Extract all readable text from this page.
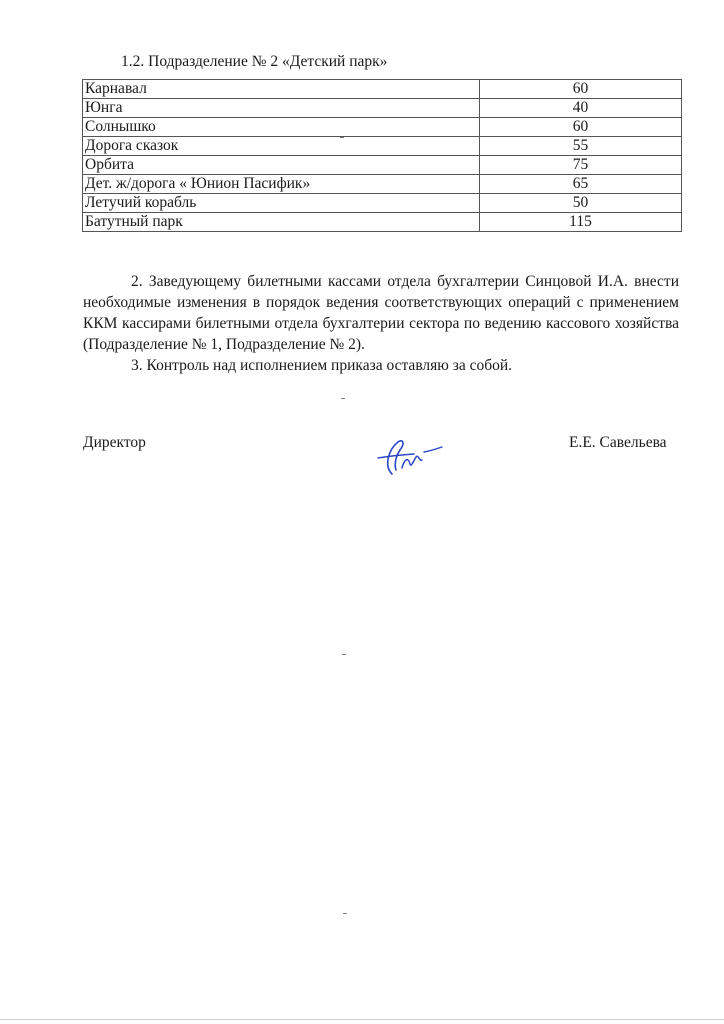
1.2. Подразделение № 2 «Детский парк»
Карнавал	60
Юнга	40
Солнышко	60
Дорога сказок	55
Орбита	75
Дет. ж/дорога « Юнион Пасифик»	65
Летучий корабль	50
Батутный парк	115
2. Заведующему билетными кассами отдела бухгалтерии Синцовой И.А. внести необходимые изменения в порядок ведения соответствующих операций с применением ККМ кассирами билетными отдела бухгалтерии сектора по ведению кассового хозяйства (Подразделение № 1, Подразделение № 2).
3. Контроль над исполнением приказа оставляю за собой.
Директор	Е.Е. Савельева
